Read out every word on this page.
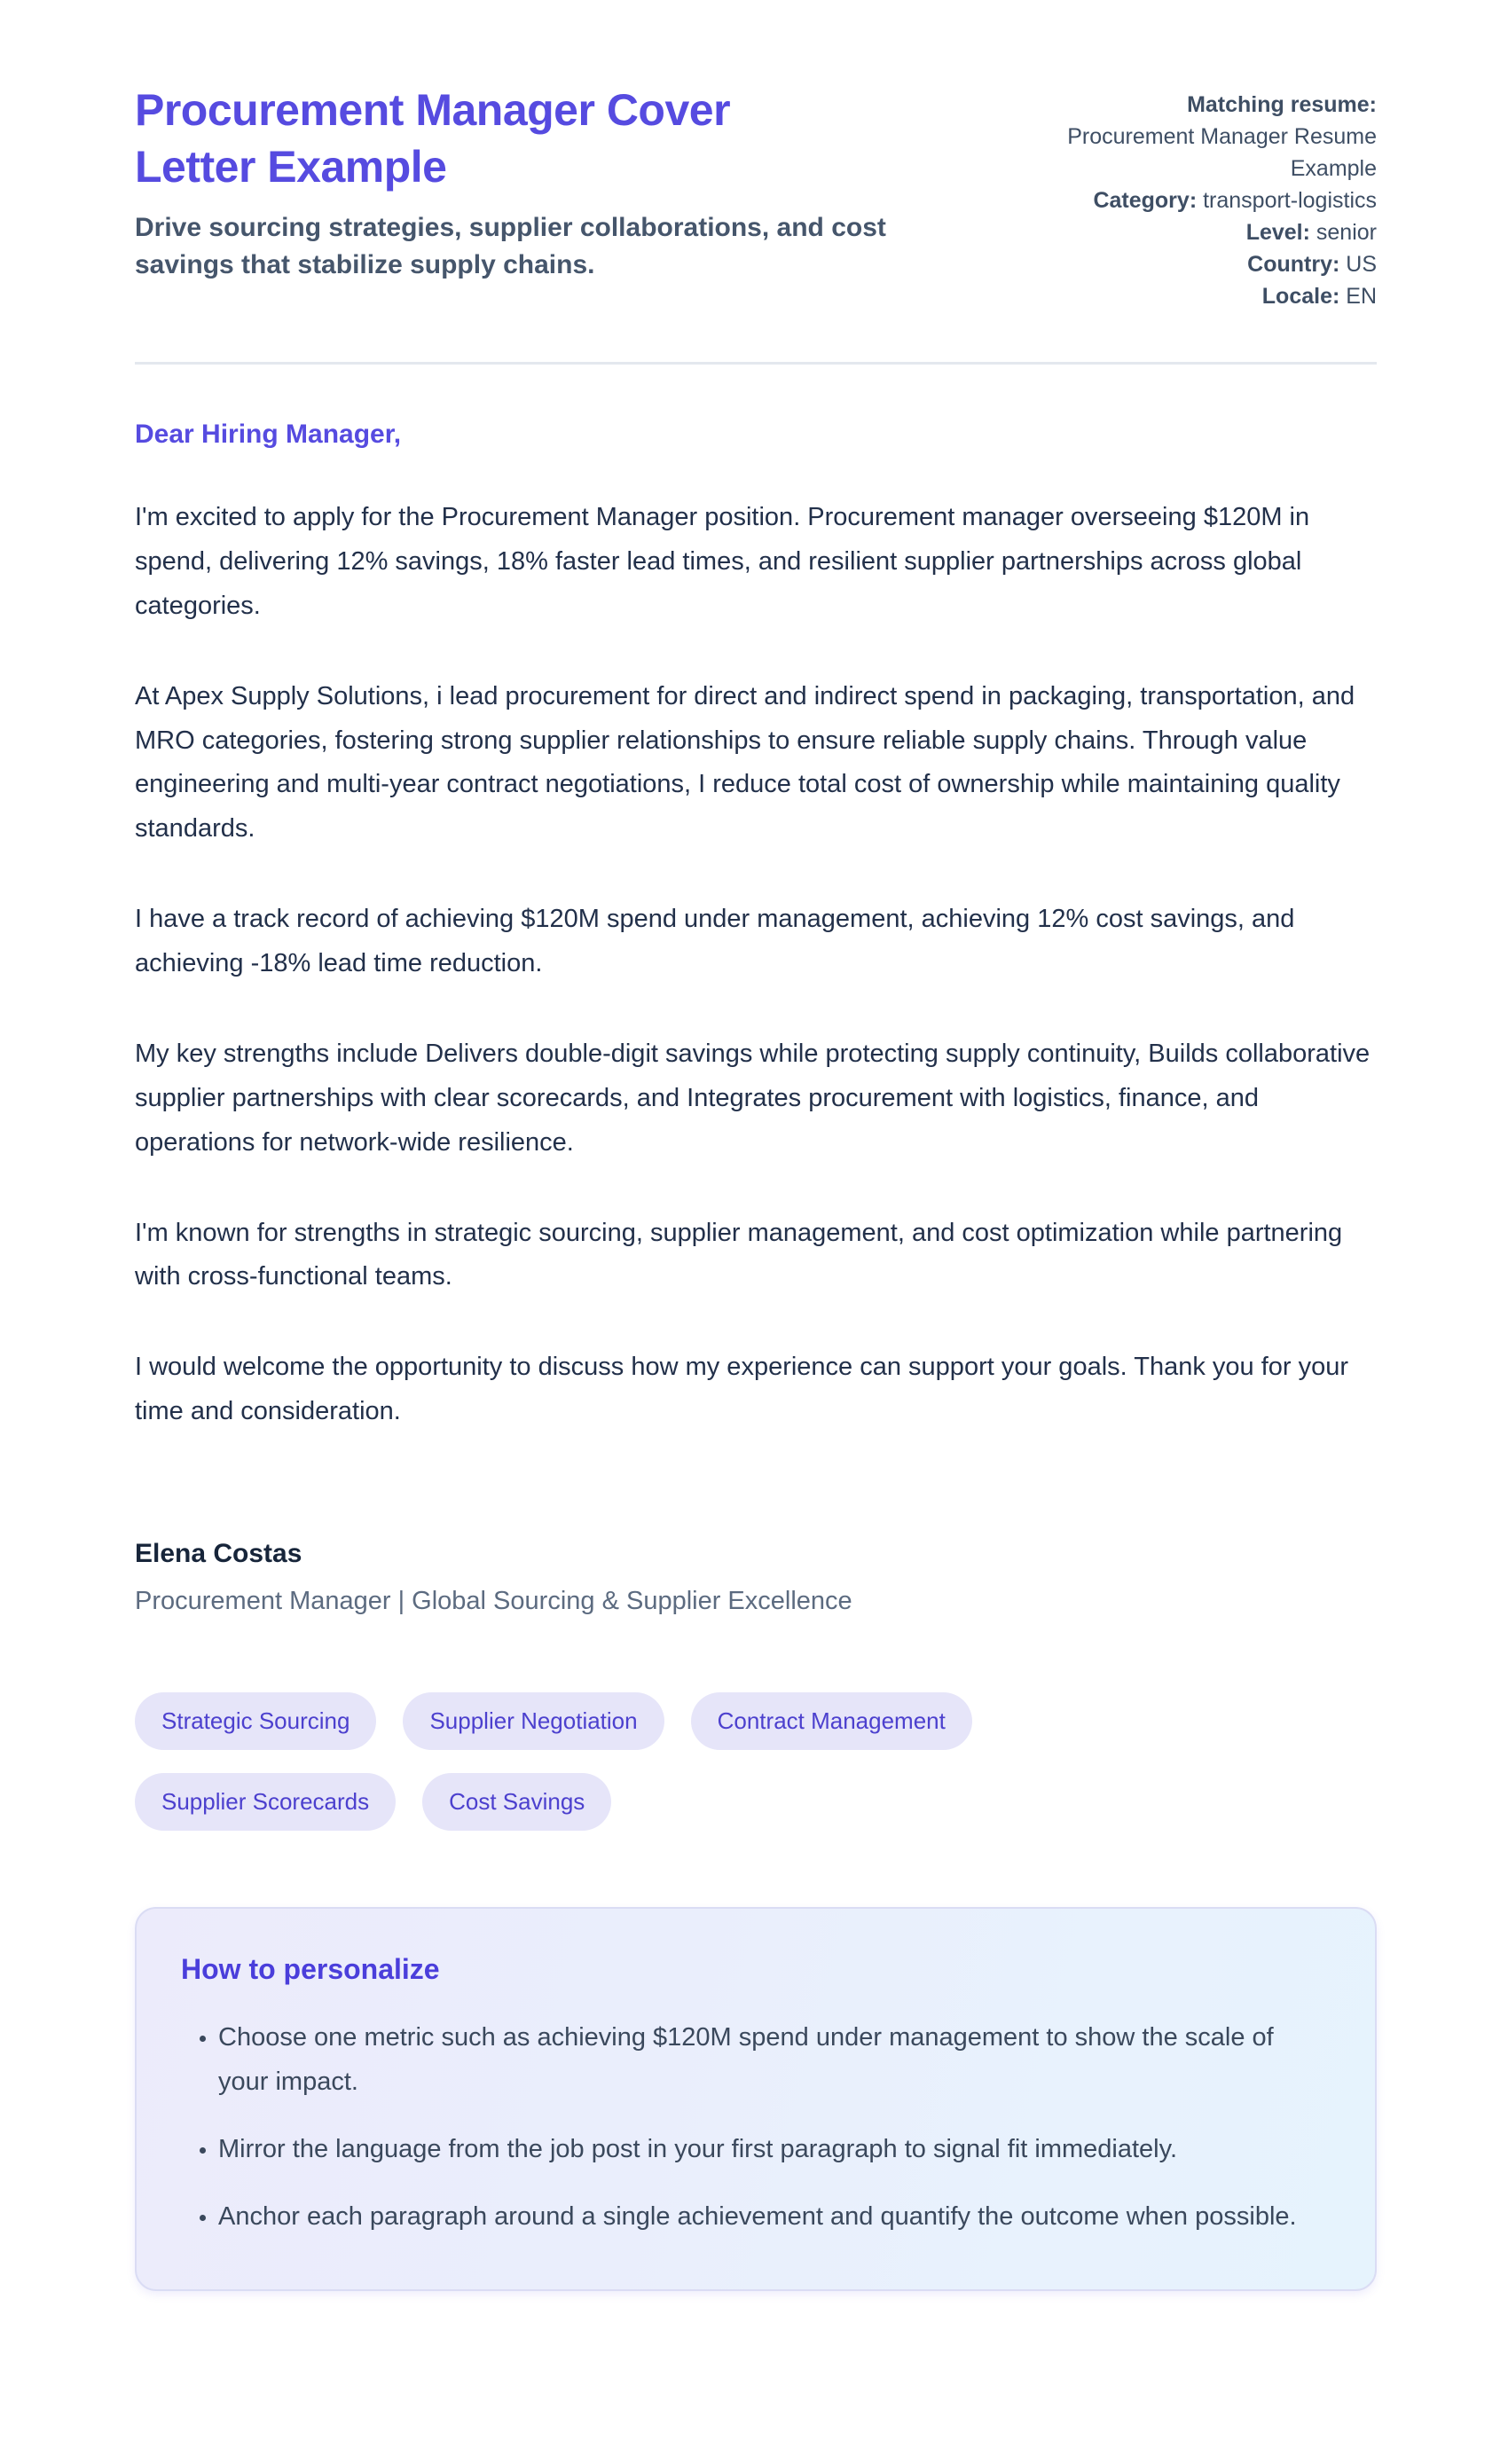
Procurement Manager Cover Letter Example

Drive sourcing strategies, supplier collaborations, and cost savings that stabilize supply chains.

Matching resume:
Procurement Manager Resume Example
Category: transport-logistics
Level: senior
Country: US
Locale: EN

Dear Hiring Manager,

I'm excited to apply for the Procurement Manager position. Procurement manager overseeing $120M in spend, delivering 12% savings, 18% faster lead times, and resilient supplier partnerships across global categories.

At Apex Supply Solutions, i lead procurement for direct and indirect spend in packaging, transportation, and MRO categories, fostering strong supplier relationships to ensure reliable supply chains. Through value engineering and multi-year contract negotiations, I reduce total cost of ownership while maintaining quality standards.

I have a track record of achieving $120M spend under management, achieving 12% cost savings, and achieving -18% lead time reduction.

My key strengths include Delivers double-digit savings while protecting supply continuity, Builds collaborative supplier partnerships with clear scorecards, and Integrates procurement with logistics, finance, and operations for network-wide resilience.

I'm known for strengths in strategic sourcing, supplier management, and cost optimization while partnering with cross-functional teams.

I would welcome the opportunity to discuss how my experience can support your goals. Thank you for your time and consideration.

Elena Costas

Procurement Manager | Global Sourcing & Supplier Excellence

Strategic Sourcing	Supplier Negotiation	Contract Management
Supplier Scorecards	Cost Savings
How to personalize
• Choose one metric such as achieving $120M spend under management to show the scale of your impact.
• Mirror the language from the job post in your first paragraph to signal fit immediately.
• Anchor each paragraph around a single achievement and quantify the outcome when possible.
